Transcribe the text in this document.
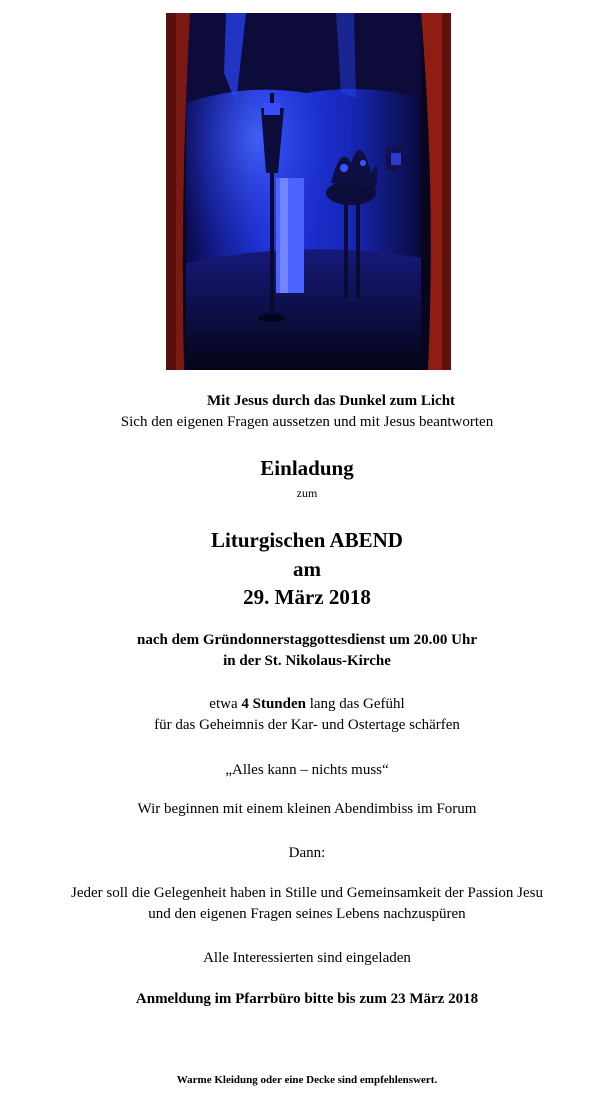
Mit Jesus durch das Dunkel zum Licht
Sich den eigenen Fragen aussetzen und mit Jesus beantworten
Einladung
zum
Liturgischen ABEND
am
29. März 2018
nach dem Gründonnerstaggottesdienst um 20.00 Uhr
in der St. Nikolaus-Kirche
etwa 4 Stunden lang das Gefühl
für das Geheimnis der Kar- und Ostertage schärfen
„Alles kann – nichts muss“
Wir beginnen mit einem kleinen Abendimbiss im Forum
Dann:
Jeder soll die Gelegenheit haben in Stille und Gemeinsamkeit der Passion Jesu
und den eigenen Fragen seines Lebens nachzuspüren
Alle Interessierten sind eingeladen
Anmeldung im Pfarrbüro bitte bis zum 23 März 2018
Warme Kleidung oder eine Decke sind empfehlenswert.
